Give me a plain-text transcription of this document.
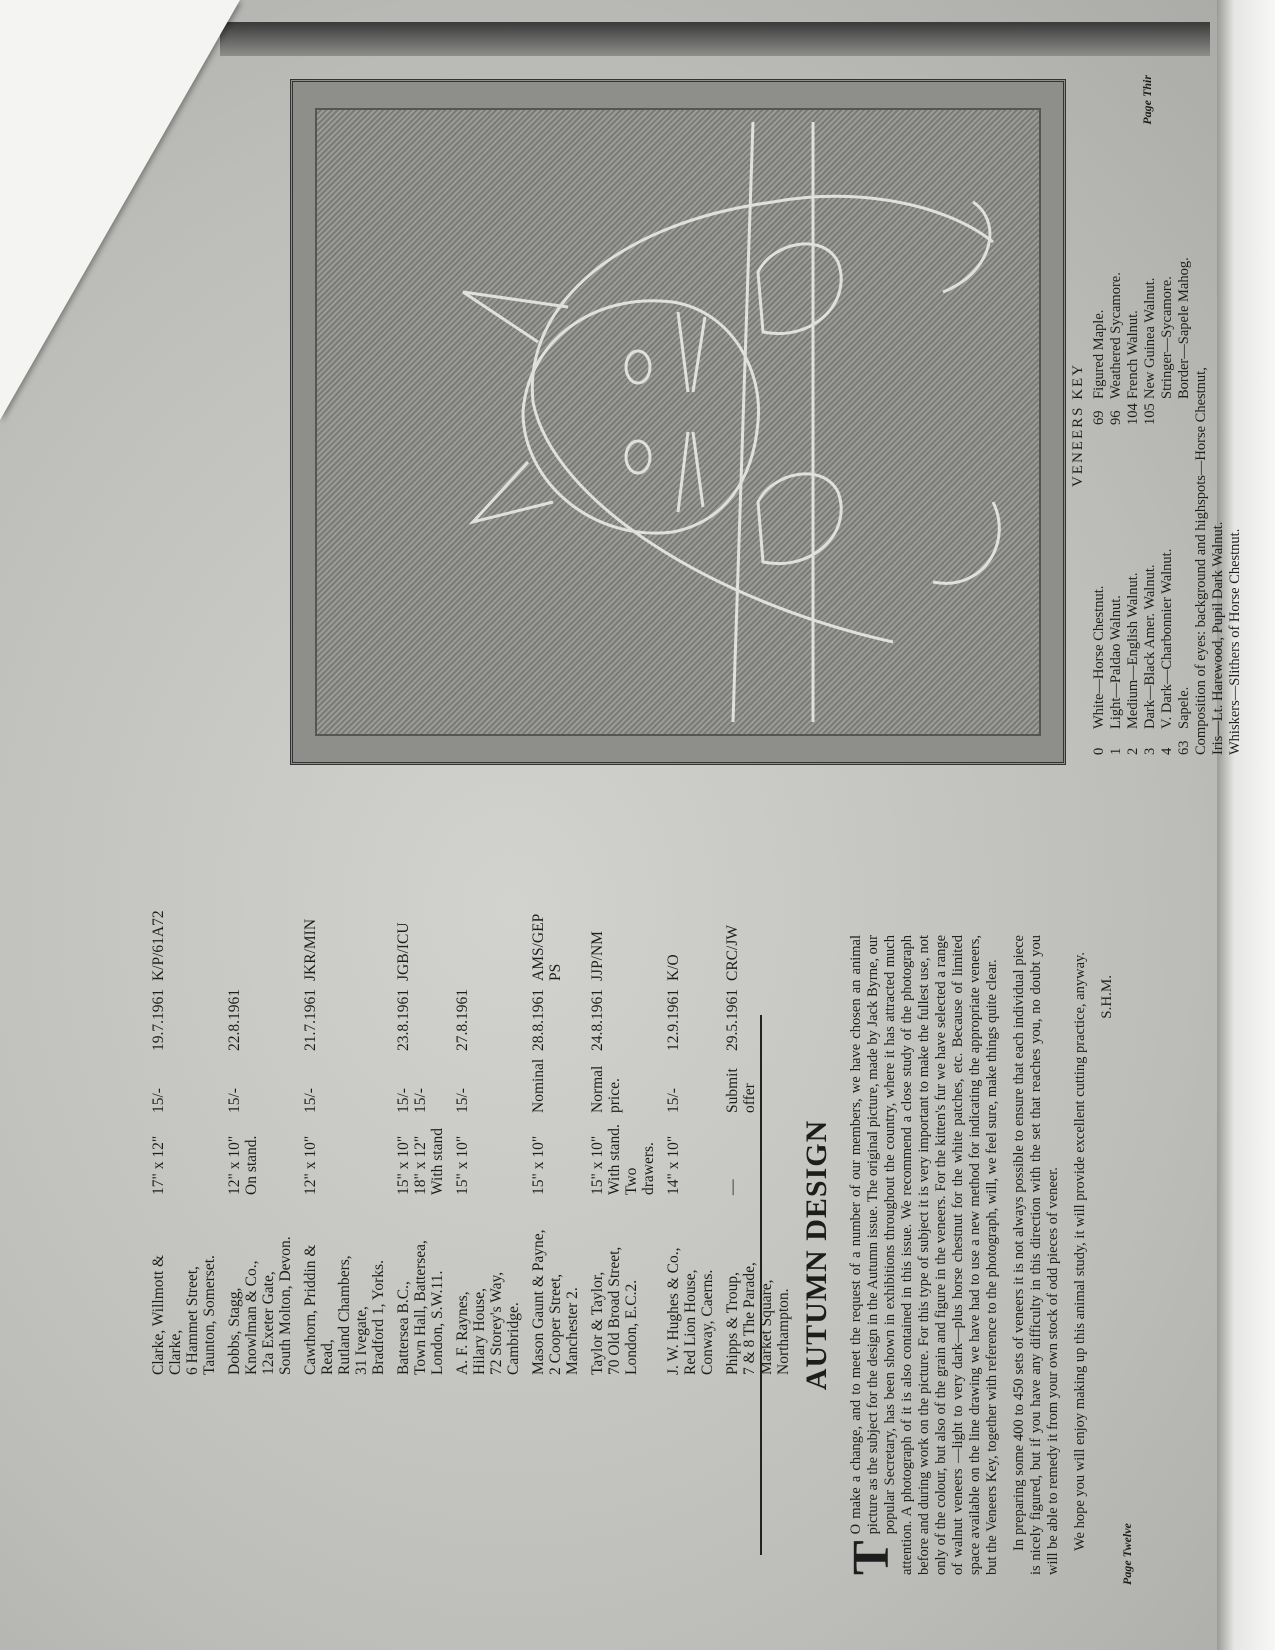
Clarke, Willmott & Clarke, 6 Hammet Street, Taunton, Somerset.
17" x 12"
15/-
19.7.1961
K/P/61A72
Dobbs, Stagg, Knowlman & Co., 12a Exeter Gate, South Molton, Devon.
12" x 10" On stand.
15/-
22.8.1961
Cawthorn, Priddin & Read, Rutland Chambers, 31 Ivegate, Bradford 1, Yorks.
12" x 10"
15/-
21.7.1961
JKR/MIN
Battersea B.C., Town Hall, Battersea, London, S.W.11.
15" x 10" 18" x 12" With stand
15/- 15/-
23.8.1961
JGB/ICU
A. F. Raynes, Hilary House, 72 Storey's Way, Cambridge.
15" x 10"
15/-
27.8.1961
Mason Gaunt & Payne, 2 Cooper Street, Manchester 2.
15" x 10"
Nominal
28.8.1961
AMS/GEP PS
Taylor & Taylor, 70 Old Broad Street, London, E.C.2.
15" x 10" With stand. Two drawers.
Normal price.
24.8.1961
JJP/NM
J. W. Hughes & Co., Red Lion House, Conway, Caerns.
14" x 10"
15/-
12.9.1961
K/O
Phipps & Troup, 7 & 8 The Parade, Market Square, Northampton.
—
Submit offer
29.5.1961
CRC/JW
AUTUMN DESIGN

T
O make a change, and to meet the request of a number of our members, we have chosen an animal picture as the subject for the design in the Autumn issue. The original picture, made by Jack Byrne, our popular Secretary, has been shown in exhibitions throughout the country, where it has attracted much attention. A photograph of it is also contained in this issue. We recommend a close study of the photograph before and during work on the picture. For this type of subject it is very important to make the fullest use, not only of the colour, but also of the grain and figure in the veneers. For the kitten's fur we have selected a range of walnut veneers —light to very dark—plus horse chestnut for the white patches, etc. Because of limited space available on the line drawing we have had to use a new method for indicating the appropriate veneers, but the Veneers Key, together with reference to the photograph, will, we feel sure, make things quite clear. In preparing some 400 to 450 sets of veneers it is not always possible to ensure that each individual piece is nicely figured, but if you have any difficulty in this direction with the set that reaches you, no doubt you will be able to remedy it from your own stock of odd pieces of veneer. We hope you will enjoy making up this animal study, it will provide excellent cutting practice, anyway. S.H.M.
Page Twelve
VENEERS KEY
0
White—Horse Chestnut.
1
Light—Paldao Walnut.
2
Medium—English Walnut.
3
Dark—Black Amer. Walnut.
4
V. Dark—Charbonnier Walnut.
63
Sapele.
69
Figured Maple.
96
Weathered Sycamore.
104
French Walnut.
105
New Guinea Walnut. Stringer—Sycamore. Border—Sapele Mahog.
Composition of eyes: background and highspots—Horse Chestnut, Iris—Lt. Harewood, Pupil Dark Walnut. Whiskers—Slithers of Horse Chestnut.
Page Thir
